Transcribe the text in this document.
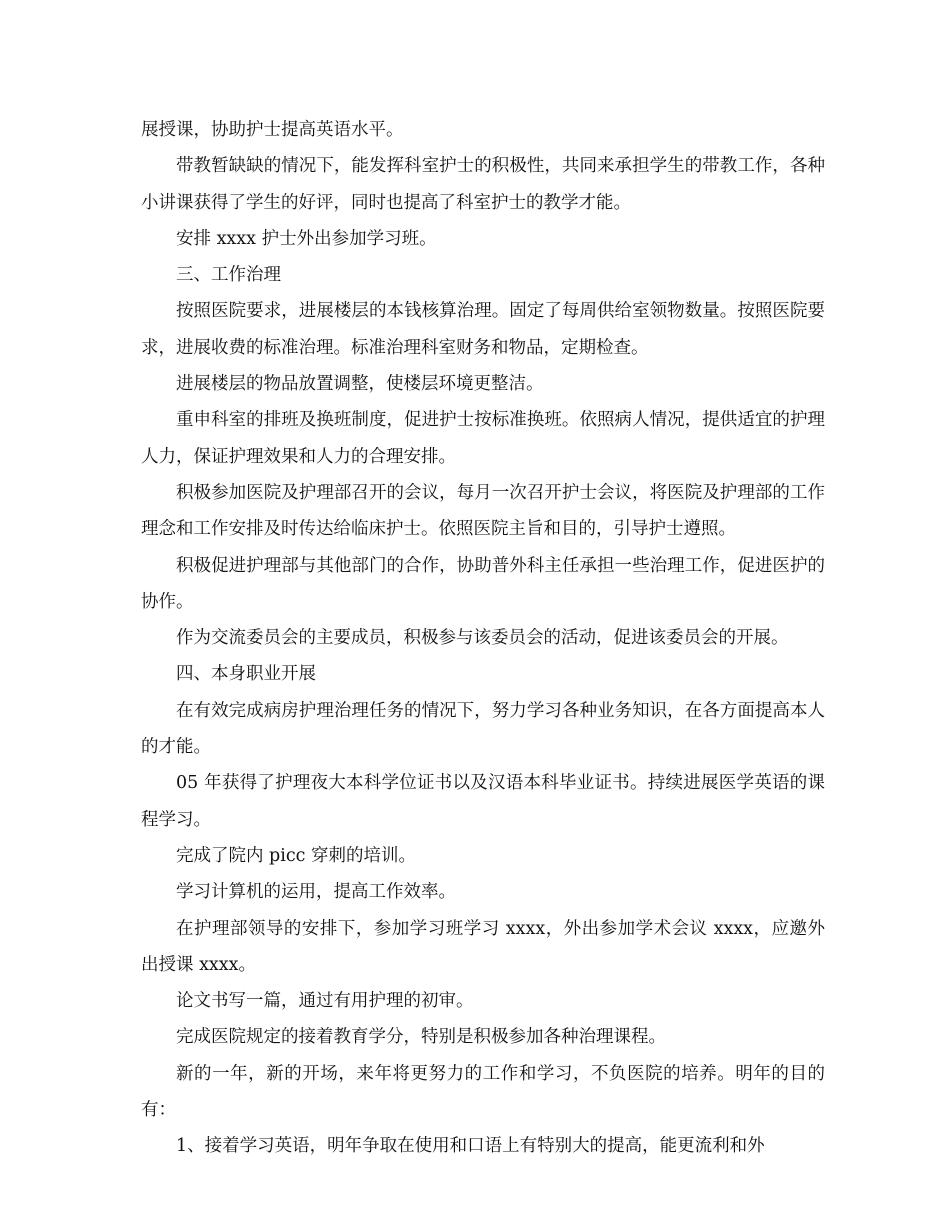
展授课，协助护士提高英语水平。

带教暂缺缺的情况下，能发挥科室护士的积极性，共同来承担学生的带教工作，各种小讲课获得了学生的好评，同时也提高了科室护士的教学才能。

安排 xxxx 护士外出参加学习班。

三、工作治理

按照医院要求，进展楼层的本钱核算治理。固定了每周供给室领物数量。按照医院要求，进展收费的标准治理。标准治理科室财务和物品，定期检查。

进展楼层的物品放置调整，使楼层环境更整洁。

重申科室的排班及换班制度，促进护士按标准换班。依照病人情况，提供适宜的护理人力，保证护理效果和人力的合理安排。

积极参加医院及护理部召开的会议，每月一次召开护士会议，将医院及护理部的工作理念和工作安排及时传达给临床护士。依照医院主旨和目的，引导护士遵照。

积极促进护理部与其他部门的合作，协助普外科主任承担一些治理工作，促进医护的协作。

作为交流委员会的主要成员，积极参与该委员会的活动，促进该委员会的开展。

四、本身职业开展

在有效完成病房护理治理任务的情况下，努力学习各种业务知识，在各方面提高本人的才能。

05 年获得了护理夜大本科学位证书以及汉语本科毕业证书。持续进展医学英语的课程学习。

完成了院内 picc 穿刺的培训。

学习计算机的运用，提高工作效率。

在护理部领导的安排下，参加学习班学习 xxxx，外出参加学术会议 xxxx，应邀外出授课 xxxx。

论文书写一篇，通过有用护理的初审。

完成医院规定的接着教育学分，特别是积极参加各种治理课程。

新的一年，新的开场，来年将更努力的工作和学习，不负医院的培养。明年的目的有：

1、接着学习英语，明年争取在使用和口语上有特别大的提高，能更流利和外
